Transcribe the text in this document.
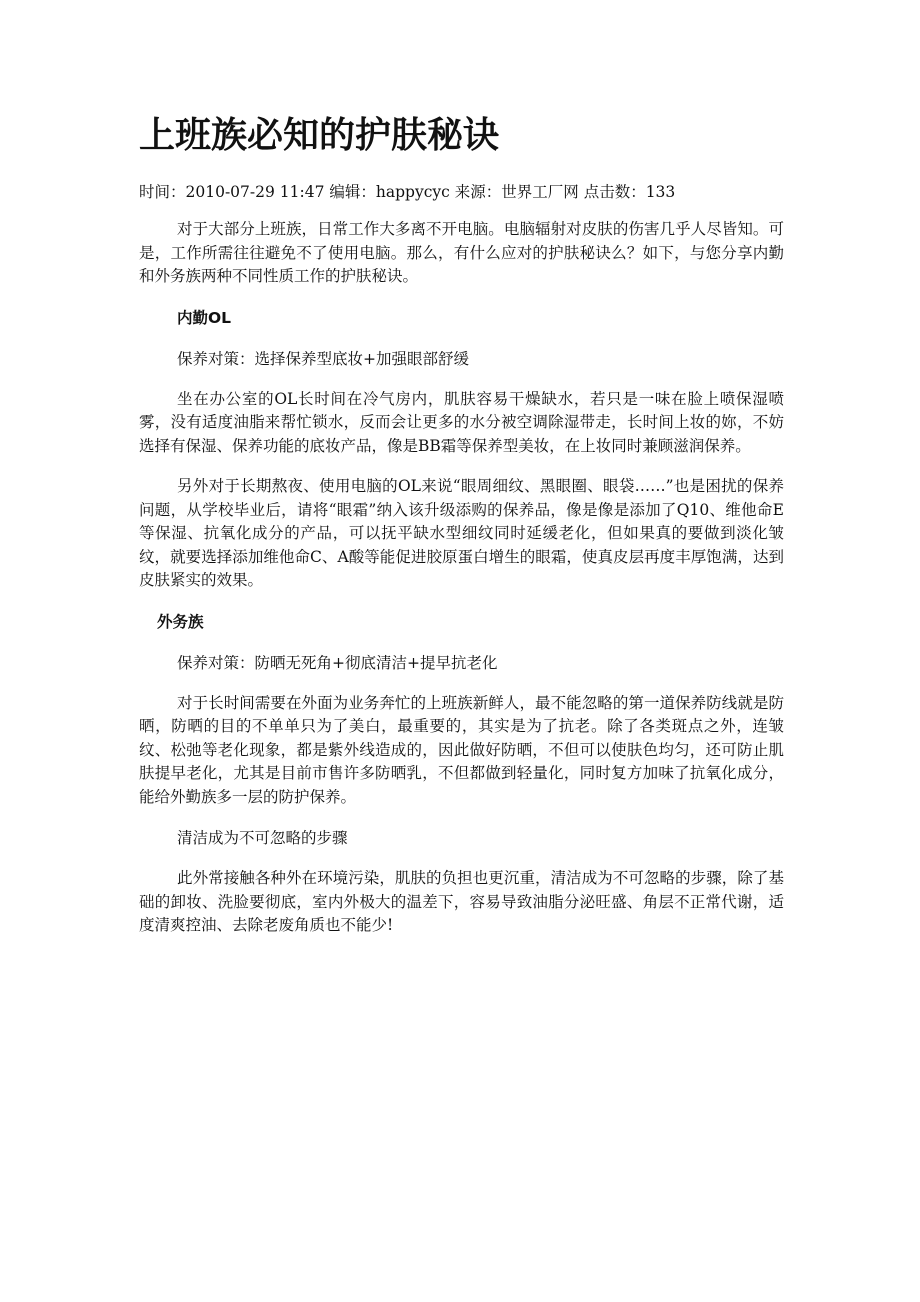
上班族必知的护肤秘诀

时间：2010-07-29 11:47 编辑：happycyc 来源：世界工厂网 点击数：133

对于大部分上班族，日常工作大多离不开电脑。电脑辐射对皮肤的伤害几乎人尽皆知。可是，工作所需往往避免不了使用电脑。那么，有什么应对的护肤秘诀么？如下，与您分享内勤和外务族两种不同性质工作的护肤秘诀。

内勤OL

保养对策：选择保养型底妆+加强眼部舒缓

坐在办公室的OL长时间在冷气房内，肌肤容易干燥缺水，若只是一味在脸上喷保湿喷雾，没有适度油脂来帮忙锁水，反而会让更多的水分被空调除湿带走，长时间上妆的妳，不妨选择有保湿、保养功能的底妆产品，像是BB霜等保养型美妆，在上妆同时兼顾滋润保养。

另外对于长期熬夜、使用电脑的OL来说“眼周细纹、黑眼圈、眼袋……”也是困扰的保养问题，从学校毕业后，请将“眼霜”纳入该升级添购的保养品，像是像是添加了Q10、维他命E等保湿、抗氧化成分的产品，可以抚平缺水型细纹同时延缓老化，但如果真的要做到淡化皱纹，就要选择添加维他命C、A酸等能促进胶原蛋白增生的眼霜，使真皮层再度丰厚饱满，达到皮肤紧实的效果。

外务族

保养对策：防晒无死角+彻底清洁+提早抗老化

对于长时间需要在外面为业务奔忙的上班族新鲜人，最不能忽略的第一道保养防线就是防晒，防晒的目的不单单只为了美白，最重要的，其实是为了抗老。除了各类斑点之外，连皱纹、松弛等老化现象，都是紫外线造成的，因此做好防晒，不但可以使肤色均匀，还可防止肌肤提早老化，尤其是目前市售许多防晒乳，不但都做到轻量化，同时复方加味了抗氧化成分，能给外勤族多一层的防护保养。

清洁成为不可忽略的步骤

此外常接触各种外在环境污染，肌肤的负担也更沉重，清洁成为不可忽略的步骤，除了基础的卸妆、洗脸要彻底，室内外极大的温差下，容易导致油脂分泌旺盛、角层不正常代谢，适度清爽控油、去除老废角质也不能少!
